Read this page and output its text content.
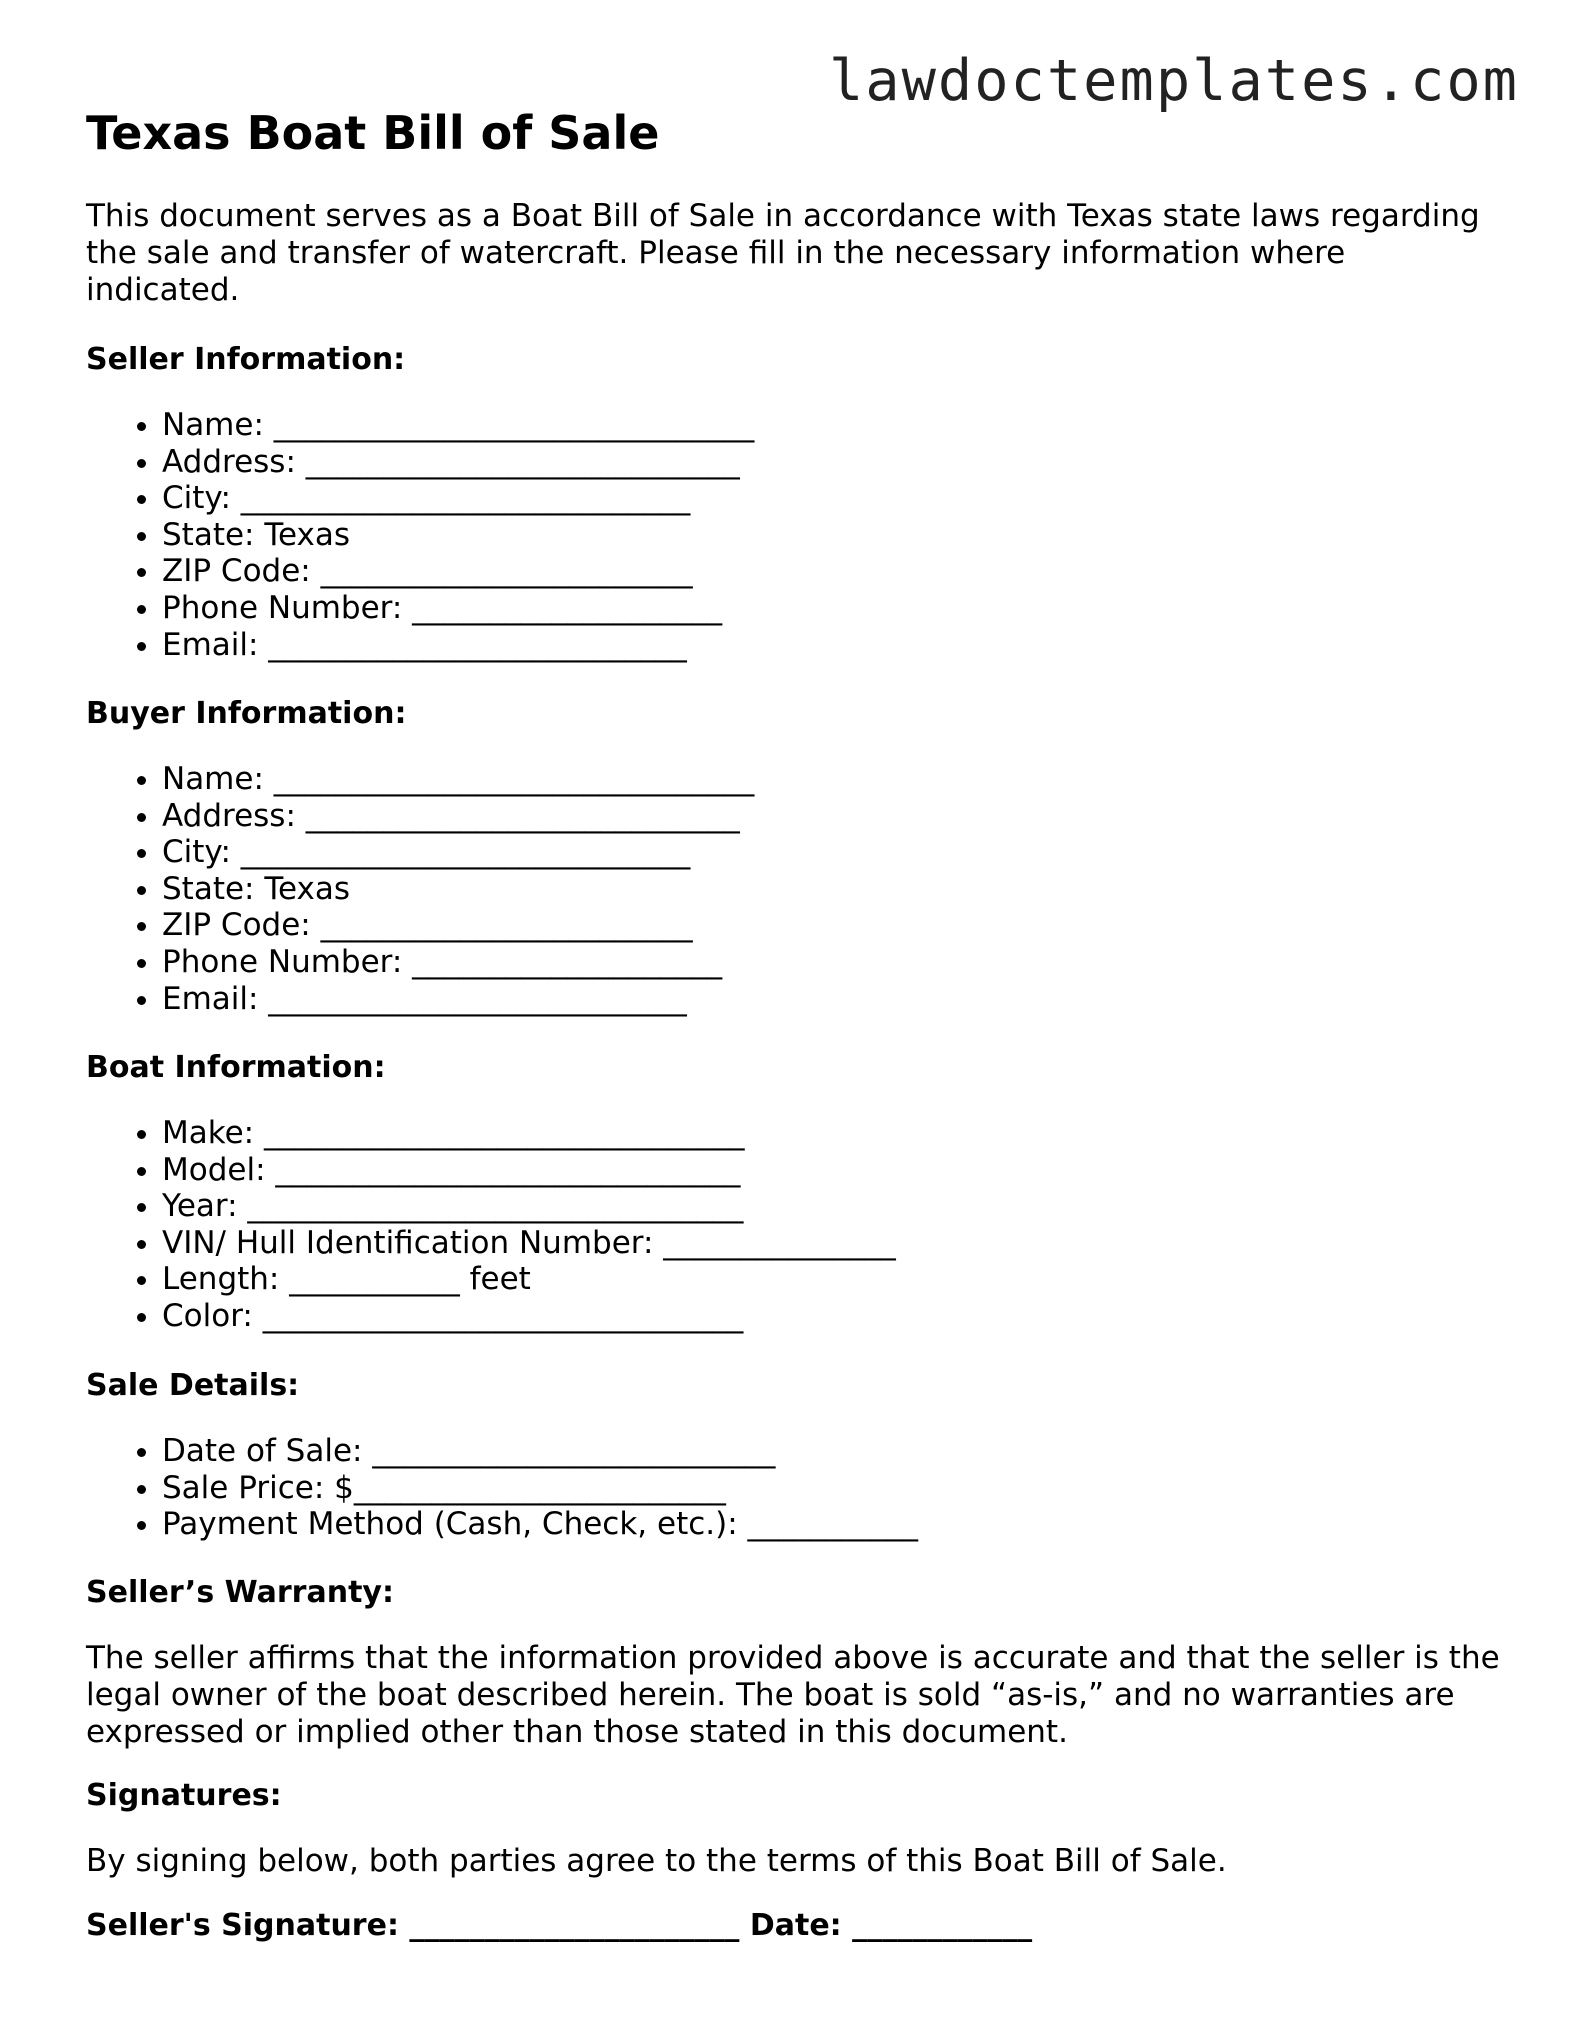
lawdoctemplates.com
Texas Boat Bill of Sale

This document serves as a Boat Bill of Sale in accordance with Texas state laws regarding the sale and transfer of watercraft. Please fill in the necessary information where indicated.

Seller Information:
• Name: _______________________________
• Address: ____________________________
• City: _____________________________
• State: Texas
• ZIP Code: ________________________
• Phone Number: ____________________
• Email: ___________________________
Buyer Information:
• Name: _______________________________
• Address: ____________________________
• City: _____________________________
• State: Texas
• ZIP Code: ________________________
• Phone Number: ____________________
• Email: ___________________________
Boat Information:
• Make: _______________________________
• Model: ______________________________
• Year: ________________________________
• VIN/ Hull Identification Number: _______________
• Length: ___________ feet
• Color: _______________________________
Sale Details:
• Date of Sale: __________________________
• Sale Price: $________________________
• Payment Method (Cash, Check, etc.): ___________
Seller’s Warranty:

The seller affirms that the information provided above is accurate and that the seller is the legal owner of the boat described herein. The boat is sold “as-is,” and no warranties are expressed or implied other than those stated in this document.

Signatures:

By signing below, both parties agree to the terms of this Boat Bill of Sale.

Seller's Signature: ______________________ Date: ____________
